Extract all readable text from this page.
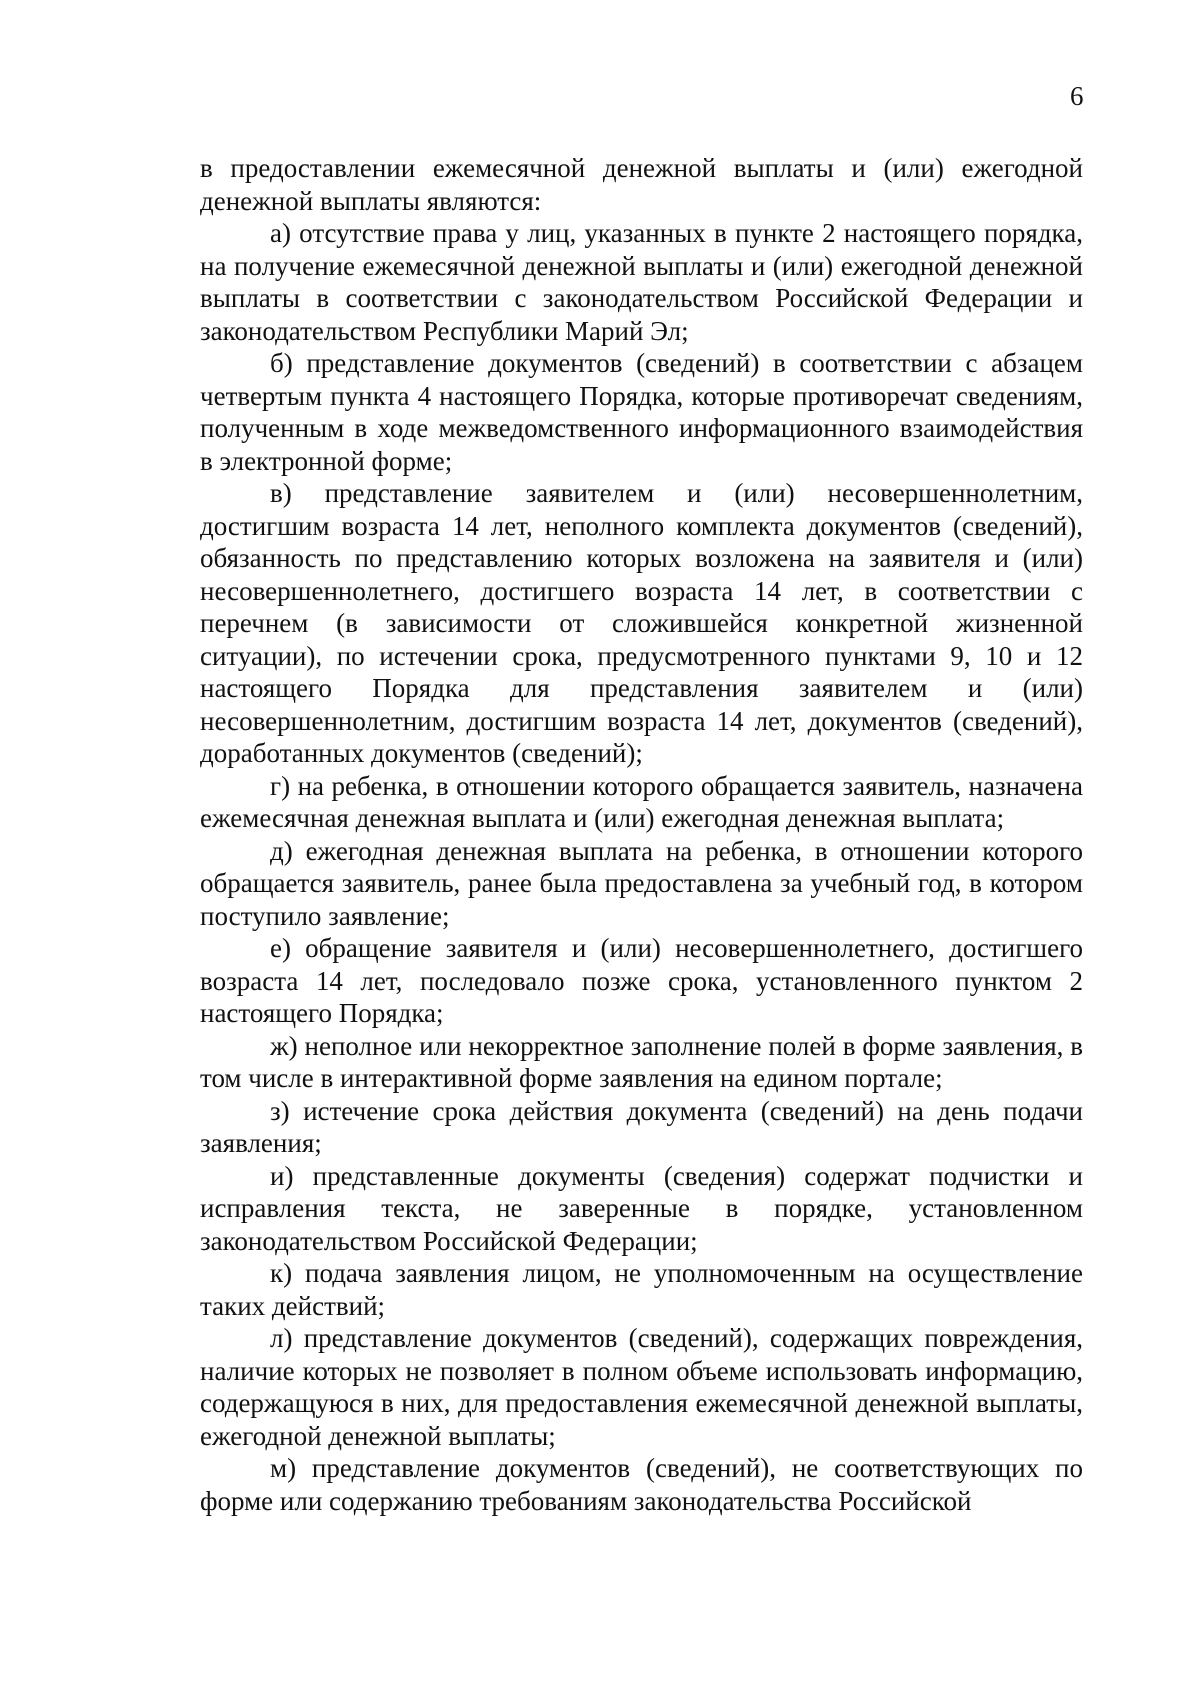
6

в предоставлении ежемесячной денежной выплаты и (или) ежегодной денежной выплаты являются:

а) отсутствие права у лиц, указанных в пункте 2 настоящего порядка, на получение ежемесячной денежной выплаты и (или) ежегодной денежной выплаты в соответствии с законодательством Российской Федерации и законодательством Республики Марий Эл;

б) представление документов (сведений) в соответствии с абзацем четвертым пункта 4 настоящего Порядка, которые противоречат сведениям, полученным в ходе межведомственного информационного взаимодействия в электронной форме;

в) представление заявителем и (или) несовершеннолетним, достигшим возраста 14 лет, неполного комплекта документов (сведений), обязанность по представлению которых возложена на заявителя и (или) несовершеннолетнего, достигшего возраста 14 лет, в соответствии с перечнем (в зависимости от сложившейся конкретной жизненной ситуации), по истечении срока, предусмотренного пунктами 9, 10 и 12 настоящего Порядка для представления заявителем и (или) несовершеннолетним, достигшим возраста 14 лет, документов (сведений), доработанных документов (сведений);

г) на ребенка, в отношении которого обращается заявитель, назначена ежемесячная денежная выплата и (или) ежегодная денежная выплата;

д) ежегодная денежная выплата на ребенка, в отношении которого обращается заявитель, ранее была предоставлена за учебный год, в котором поступило заявление;

е) обращение заявителя и (или) несовершеннолетнего, достигшего возраста 14 лет, последовало позже срока, установленного пунктом 2 настоящего Порядка;

ж) неполное или некорректное заполнение полей в форме заявления, в том числе в интерактивной форме заявления на едином портале;

з) истечение срока действия документа (сведений) на день подачи заявления;

и) представленные документы (сведения) содержат подчистки и исправления текста, не заверенные в порядке, установленном законодательством Российской Федерации;

к) подача заявления лицом, не уполномоченным на осуществление таких действий;

л) представление документов (сведений), содержащих повреждения, наличие которых не позволяет в полном объеме использовать информацию, содержащуюся в них, для предоставления ежемесячной денежной выплаты, ежегодной денежной выплаты;

м) представление документов (сведений), не соответствующих по форме или содержанию требованиям законодательства Российской
